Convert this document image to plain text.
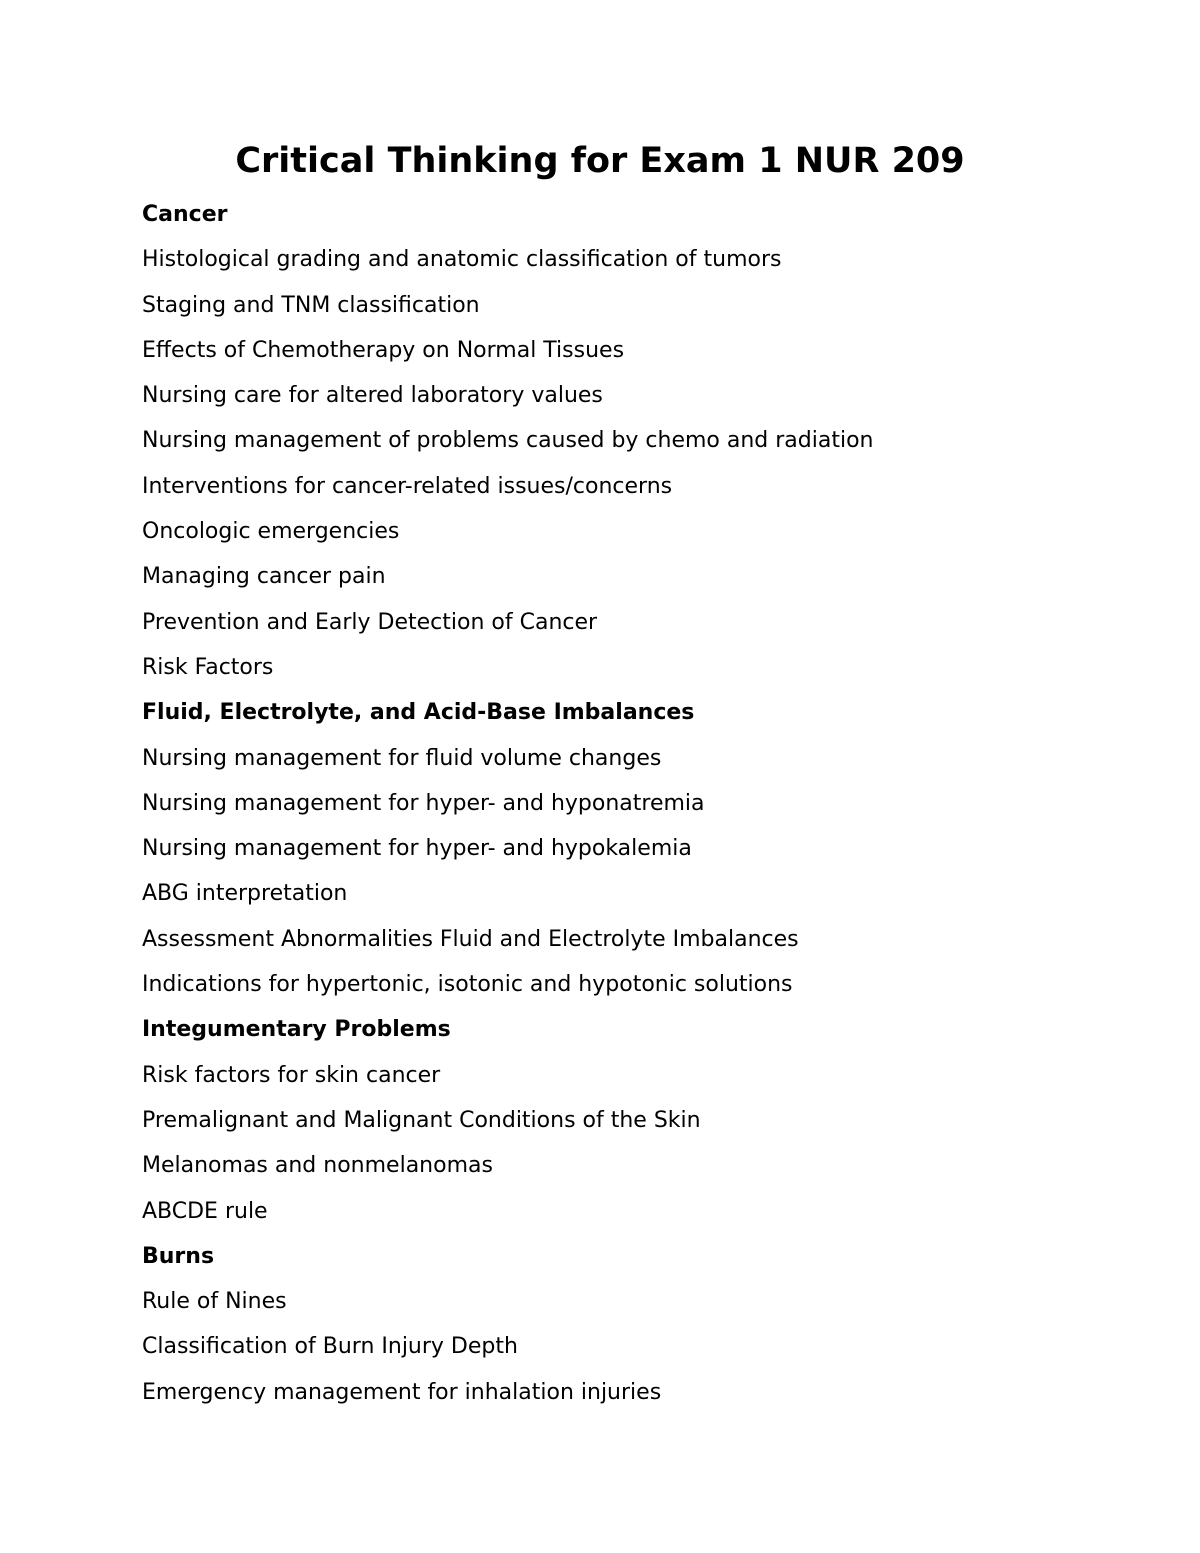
Critical Thinking for Exam 1 NUR 209
Cancer
Histological grading and anatomic classification of tumors
Staging and TNM classification
Effects of Chemotherapy on Normal Tissues
Nursing care for altered laboratory values
Nursing management of problems caused by chemo and radiation
Interventions for cancer-related issues/concerns
Oncologic emergencies
Managing cancer pain
Prevention and Early Detection of Cancer
Risk Factors
Fluid, Electrolyte, and Acid-Base Imbalances
Nursing management for fluid volume changes
Nursing management for hyper- and hyponatremia
Nursing management for hyper- and hypokalemia
ABG interpretation
Assessment Abnormalities Fluid and Electrolyte Imbalances
Indications for hypertonic, isotonic and hypotonic solutions
Integumentary Problems
Risk factors for skin cancer
Premalignant and Malignant Conditions of the Skin
Melanomas and nonmelanomas
ABCDE rule
Burns
Rule of Nines
Classification of Burn Injury Depth
Emergency management for inhalation injuries
